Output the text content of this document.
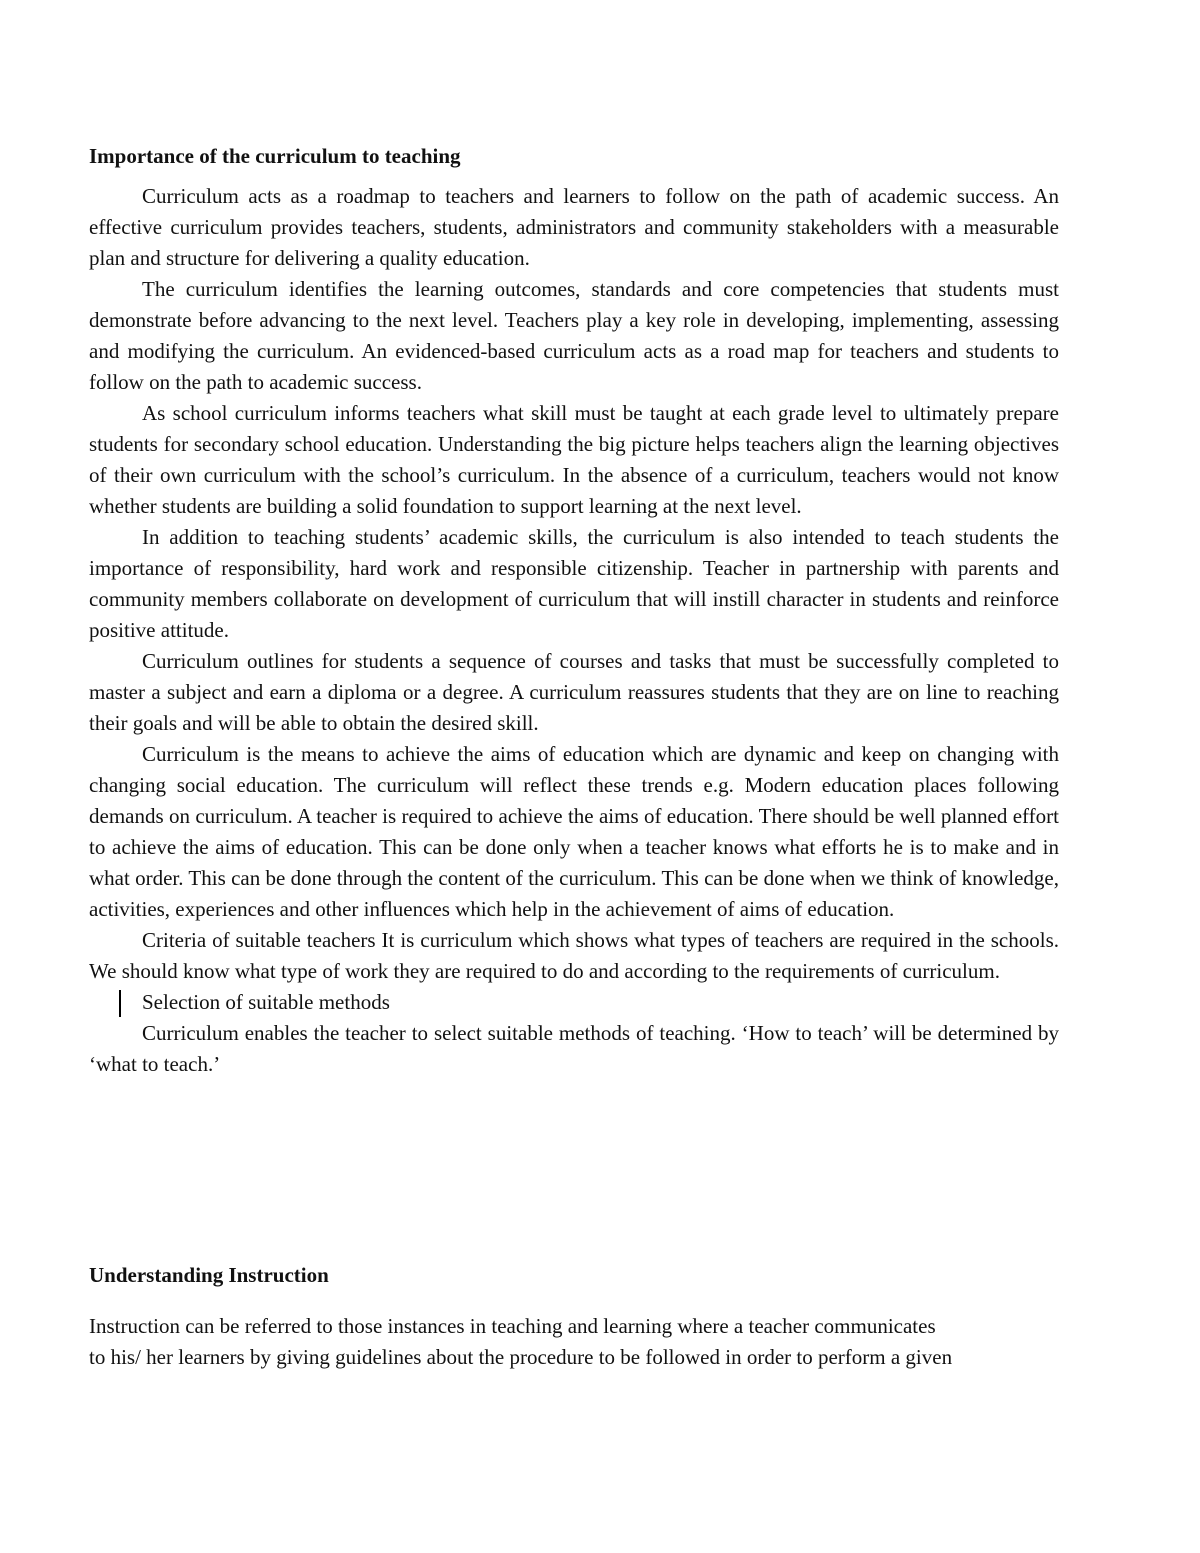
Importance of the curriculum to teaching

Curriculum acts as a roadmap to teachers and learners to follow on the path of academic success. An effective curriculum provides teachers, students, administrators and community stakeholders with a measurable plan and structure for delivering a quality education.

The curriculum identifies the learning outcomes, standards and core competencies that students must demonstrate before advancing to the next level. Teachers play a key role in developing, implementing, assessing and modifying the curriculum. An evidenced-based curriculum acts as a road map for teachers and students to follow on the path to academic success.

As school curriculum informs teachers what skill must be taught at each grade level to ultimately prepare students for secondary school education. Understanding the big picture helps teachers align the learning objectives of their own curriculum with the school’s curriculum. In the absence of a curriculum, teachers would not know whether students are building a solid foundation to support learning at the next level.

In addition to teaching students’ academic skills, the curriculum is also intended to teach students the importance of responsibility, hard work and responsible citizenship. Teacher in partnership with parents and community members collaborate on development of curriculum that will instill character in students and reinforce positive attitude.

Curriculum outlines for students a sequence of courses and tasks that must be successfully completed to master a subject and earn a diploma or a degree. A curriculum reassures students that they are on line to reaching their goals and will be able to obtain the desired skill.

Curriculum is the means to achieve the aims of education which are dynamic and keep on changing with changing social education. The curriculum will reflect these trends e.g. Modern education places following demands on curriculum. A teacher is required to achieve the aims of education. There should be well planned effort to achieve the aims of education. This can be done only when a teacher knows what efforts he is to make and in what order. This can be done through the content of the curriculum. This can be done when we think of knowledge, activities, experiences and other influences which help in the achievement of aims of education.

Criteria of suitable teachers It is curriculum which shows what types of teachers are required in the schools. We should know what type of work they are required to do and according to the requirements of curriculum.

Selection of suitable methods

Curriculum enables the teacher to select suitable methods of teaching. ‘How to teach’ will be determined by ‘what to teach.’

Understanding Instruction

Instruction can be referred to those instances in teaching and learning where a teacher communicates

to his/ her learners by giving guidelines about the procedure to be followed in order to perform a given
